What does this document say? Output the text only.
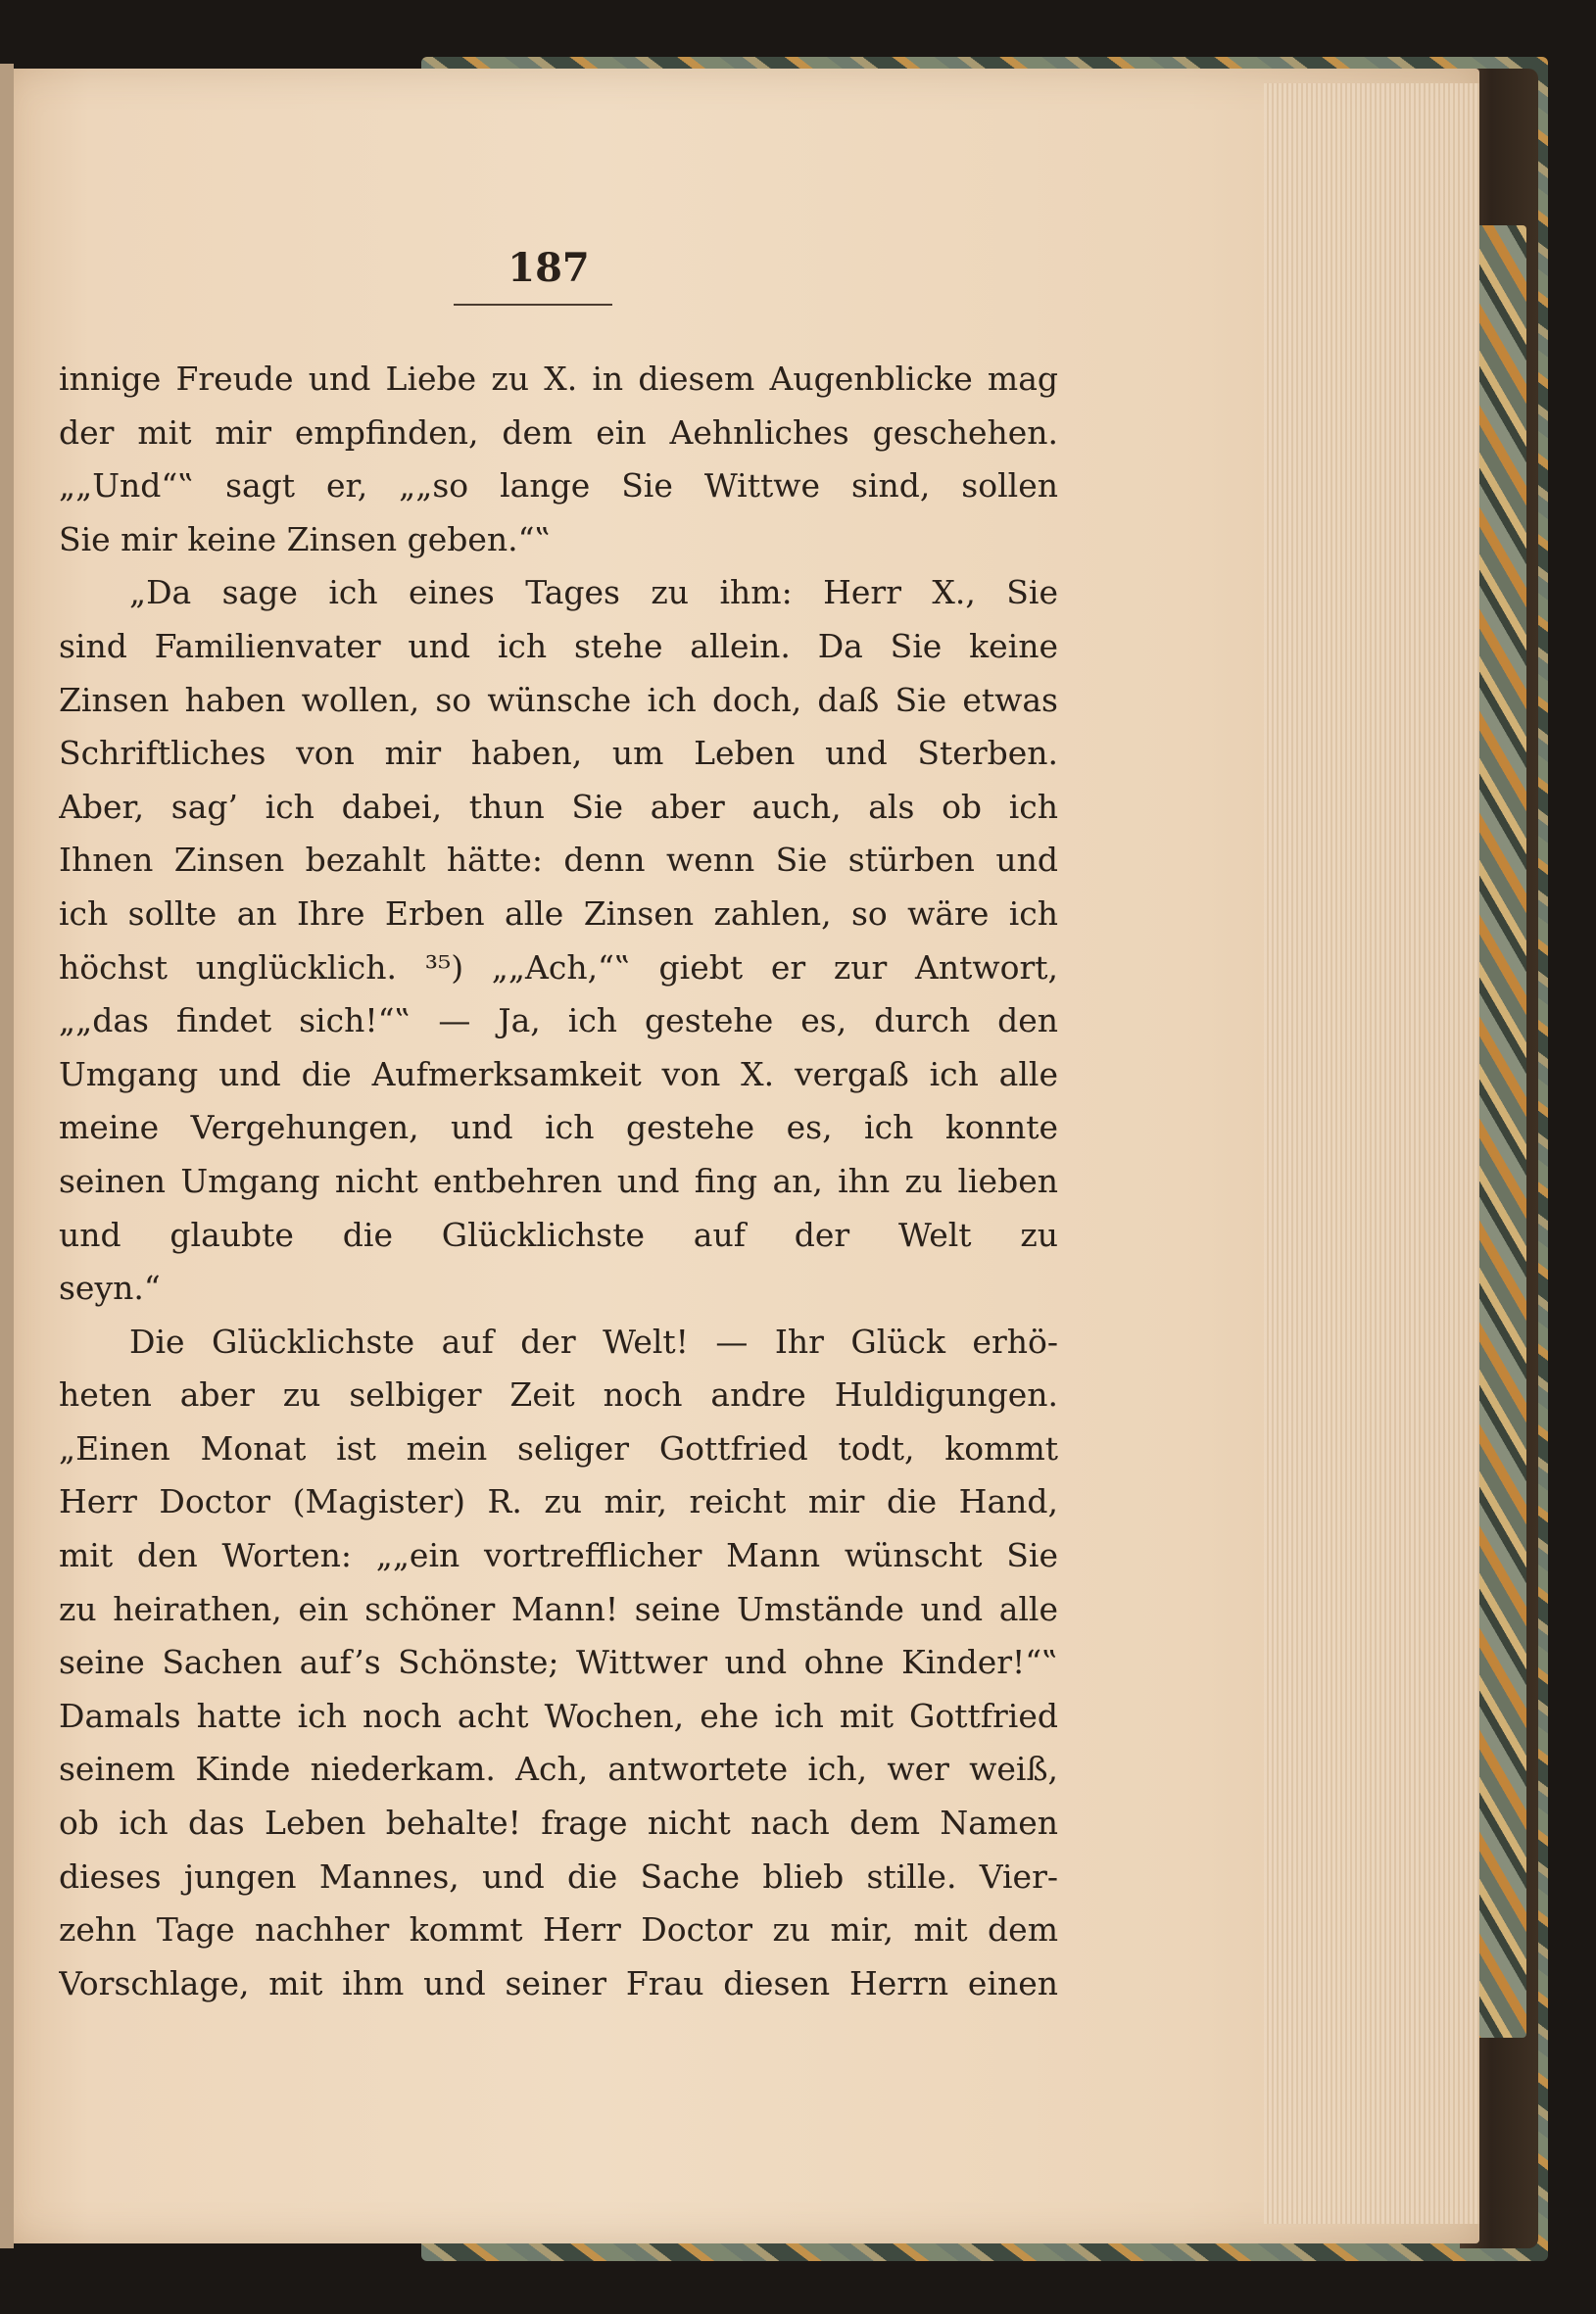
187
innige Freude und Liebe zu X. in diesem Augenblicke mag
der mit mir empfinden, dem ein Aehnliches geschehen.
„„Und“‟ sagt er, „„so lange Sie Wittwe sind, sollen
Sie mir keine Zinsen geben.“‟
„Da sage ich eines Tages zu ihm: Herr X., Sie
sind Familienvater und ich stehe allein. Da Sie keine
Zinsen haben wollen, so wünsche ich doch, daß Sie etwas
Schriftliches von mir haben, um Leben und Sterben.
Aber, sag’ ich dabei, thun Sie aber auch, als ob ich
Ihnen Zinsen bezahlt hätte: denn wenn Sie stürben und
ich sollte an Ihre Erben alle Zinsen zahlen, so wäre ich
höchst unglücklich. ³⁵) „„Ach,“‟ giebt er zur Antwort,
„„das findet sich!“‟ — Ja, ich gestehe es, durch den
Umgang und die Aufmerksamkeit von X. vergaß ich alle
meine Vergehungen, und ich gestehe es, ich konnte
seinen Umgang nicht entbehren und fing an, ihn zu lieben
und glaubte die Glücklichste auf der Welt zu
seyn.“
Die Glücklichste auf der Welt! — Ihr Glück erhö-
heten aber zu selbiger Zeit noch andre Huldigungen.
„Einen Monat ist mein seliger Gottfried todt, kommt
Herr Doctor (Magister) R. zu mir, reicht mir die Hand,
mit den Worten: „„ein vortrefflicher Mann wünscht Sie
zu heirathen, ein schöner Mann! seine Umstände und alle
seine Sachen auf’s Schönste; Wittwer und ohne Kinder!“‟
Damals hatte ich noch acht Wochen, ehe ich mit Gottfried
seinem Kinde niederkam. Ach, antwortete ich, wer weiß,
ob ich das Leben behalte! frage nicht nach dem Namen
dieses jungen Mannes, und die Sache blieb stille. Vier-
zehn Tage nachher kommt Herr Doctor zu mir, mit dem
Vorschlage, mit ihm und seiner Frau diesen Herrn einen
